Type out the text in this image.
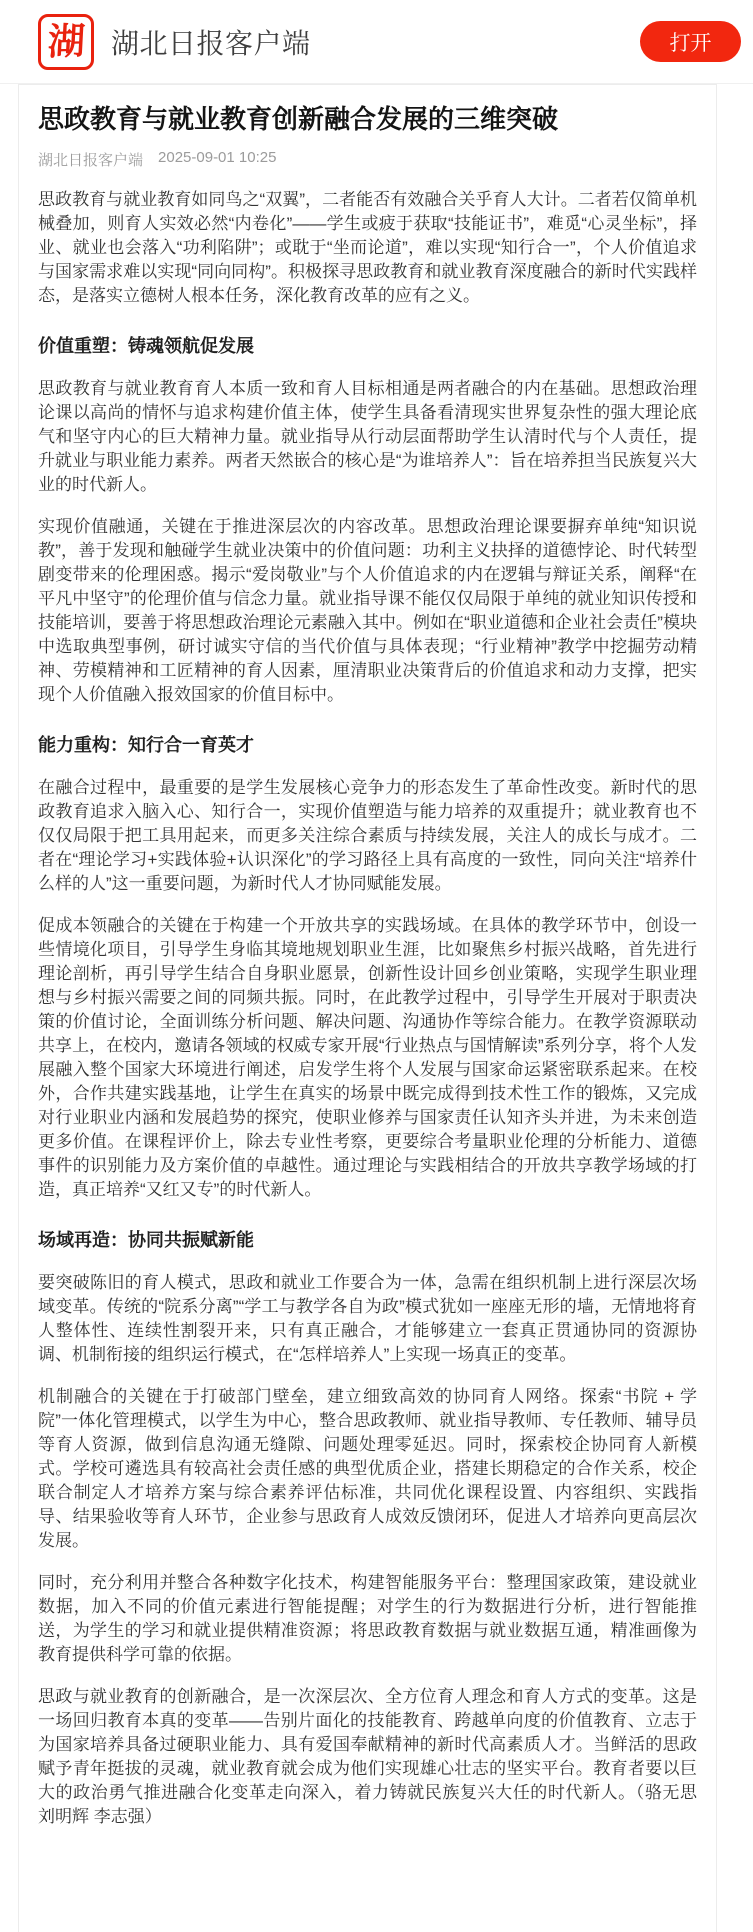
湖 湖北日报客户端	打开
思政教育与就业教育创新融合发展的三维突破
湖北日报客户端 2025-09-01 10:25

思政教育与就业教育如同鸟之“双翼”，二者能否有效融合关乎育人大计。二者若仅简单机械叠加，则育人实效必然“内卷化”——学生或疲于获取“技能证书”，难觅“心灵坐标”，择业、就业也会落入“功利陷阱”；或耽于“坐而论道”，难以实现“知行合一”，个人价值追求与国家需求难以实现“同向同构”。积极探寻思政教育和就业教育深度融合的新时代实践样态，是落实立德树人根本任务，深化教育改革的应有之义。

价值重塑：铸魂领航促发展

思政教育与就业教育育人本质一致和育人目标相通是两者融合的内在基础。思想政治理论课以高尚的情怀与追求构建价值主体，使学生具备看清现实世界复杂性的强大理论底气和坚守内心的巨大精神力量。就业指导从行动层面帮助学生认清时代与个人责任，提升就业与职业能力素养。两者天然嵌合的核心是“为谁培养人”：旨在培养担当民族复兴大业的时代新人。

实现价值融通，关键在于推进深层次的内容改革。思想政治理论课要摒弃单纯“知识说教”，善于发现和触碰学生就业决策中的价值问题：功利主义抉择的道德悖论、时代转型剧变带来的伦理困惑。揭示“爱岗敬业”与个人价值追求的内在逻辑与辩证关系，阐释“在平凡中坚守”的伦理价值与信念力量。就业指导课不能仅仅局限于单纯的就业知识传授和技能培训，要善于将思想政治理论元素融入其中。例如在“职业道德和企业社会责任”模块中选取典型事例，研讨诚实守信的当代价值与具体表现；“行业精神”教学中挖掘劳动精神、劳模精神和工匠精神的育人因素，厘清职业决策背后的价值追求和动力支撑，把实现个人价值融入报效国家的价值目标中。

能力重构：知行合一育英才

在融合过程中，最重要的是学生发展核心竞争力的形态发生了革命性改变。新时代的思政教育追求入脑入心、知行合一，实现价值塑造与能力培养的双重提升；就业教育也不仅仅局限于把工具用起来，而更多关注综合素质与持续发展，关注人的成长与成才。二者在“理论学习+实践体验+认识深化”的学习路径上具有高度的一致性，同向关注“培养什么样的人”这一重要问题，为新时代人才协同赋能发展。

促成本领融合的关键在于构建一个开放共享的实践场域。在具体的教学环节中，创设一些情境化项目，引导学生身临其境地规划职业生涯，比如聚焦乡村振兴战略，首先进行理论剖析，再引导学生结合自身职业愿景，创新性设计回乡创业策略，实现学生职业理想与乡村振兴需要之间的同频共振。同时，在此教学过程中，引导学生开展对于职责决策的价值讨论，全面训练分析问题、解决问题、沟通协作等综合能力。在教学资源联动共享上，在校内，邀请各领域的权威专家开展“行业热点与国情解读”系列分享，将个人发展融入整个国家大环境进行阐述，启发学生将个人发展与国家命运紧密联系起来。在校外，合作共建实践基地，让学生在真实的场景中既完成得到技术性工作的锻炼，又完成对行业职业内涵和发展趋势的探究，使职业修养与国家责任认知齐头并进，为未来创造更多价值。在课程评价上，除去专业性考察，更要综合考量职业伦理的分析能力、道德事件的识别能力及方案价值的卓越性。通过理论与实践相结合的开放共享教学场域的打造，真正培养“又红又专”的时代新人。

场域再造：协同共振赋新能

要突破陈旧的育人模式，思政和就业工作要合为一体，急需在组织机制上进行深层次场域变革。传统的“院系分离”“学工与教学各自为政”模式犹如一座座无形的墙，无情地将育人整体性、连续性割裂开来，只有真正融合，才能够建立一套真正贯通协同的资源协调、机制衔接的组织运行模式，在“怎样培养人”上实现一场真正的变革。

机制融合的关键在于打破部门壁垒，建立细致高效的协同育人网络。探索“书院 + 学院”一体化管理模式，以学生为中心，整合思政教师、就业指导教师、专任教师、辅导员等育人资源，做到信息沟通无缝隙、问题处理零延迟。同时，探索校企协同育人新模式。学校可遴选具有较高社会责任感的典型优质企业，搭建长期稳定的合作关系，校企联合制定人才培养方案与综合素养评估标准，共同优化课程设置、内容组织、实践指导、结果验收等育人环节，企业参与思政育人成效反馈闭环，促进人才培养向更高层次发展。

同时，充分利用并整合各种数字化技术，构建智能服务平台：整理国家政策，建设就业数据，加入不同的价值元素进行智能提醒；对学生的行为数据进行分析，进行智能推送，为学生的学习和就业提供精准资源；将思政教育数据与就业数据互通，精准画像为教育提供科学可靠的依据。

思政与就业教育的创新融合，是一次深层次、全方位育人理念和育人方式的变革。这是一场回归教育本真的变革——告别片面化的技能教育、跨越单向度的价值教育、立志于为国家培养具备过硬职业能力、具有爱国奉献精神的新时代高素质人才。当鲜活的思政赋予青年挺拔的灵魂，就业教育就会成为他们实现雄心壮志的坚实平台。教育者要以巨大的政治勇气推进融合化变革走向深入，着力铸就民族复兴大任的时代新人。（骆无思 刘明辉 李志强）
